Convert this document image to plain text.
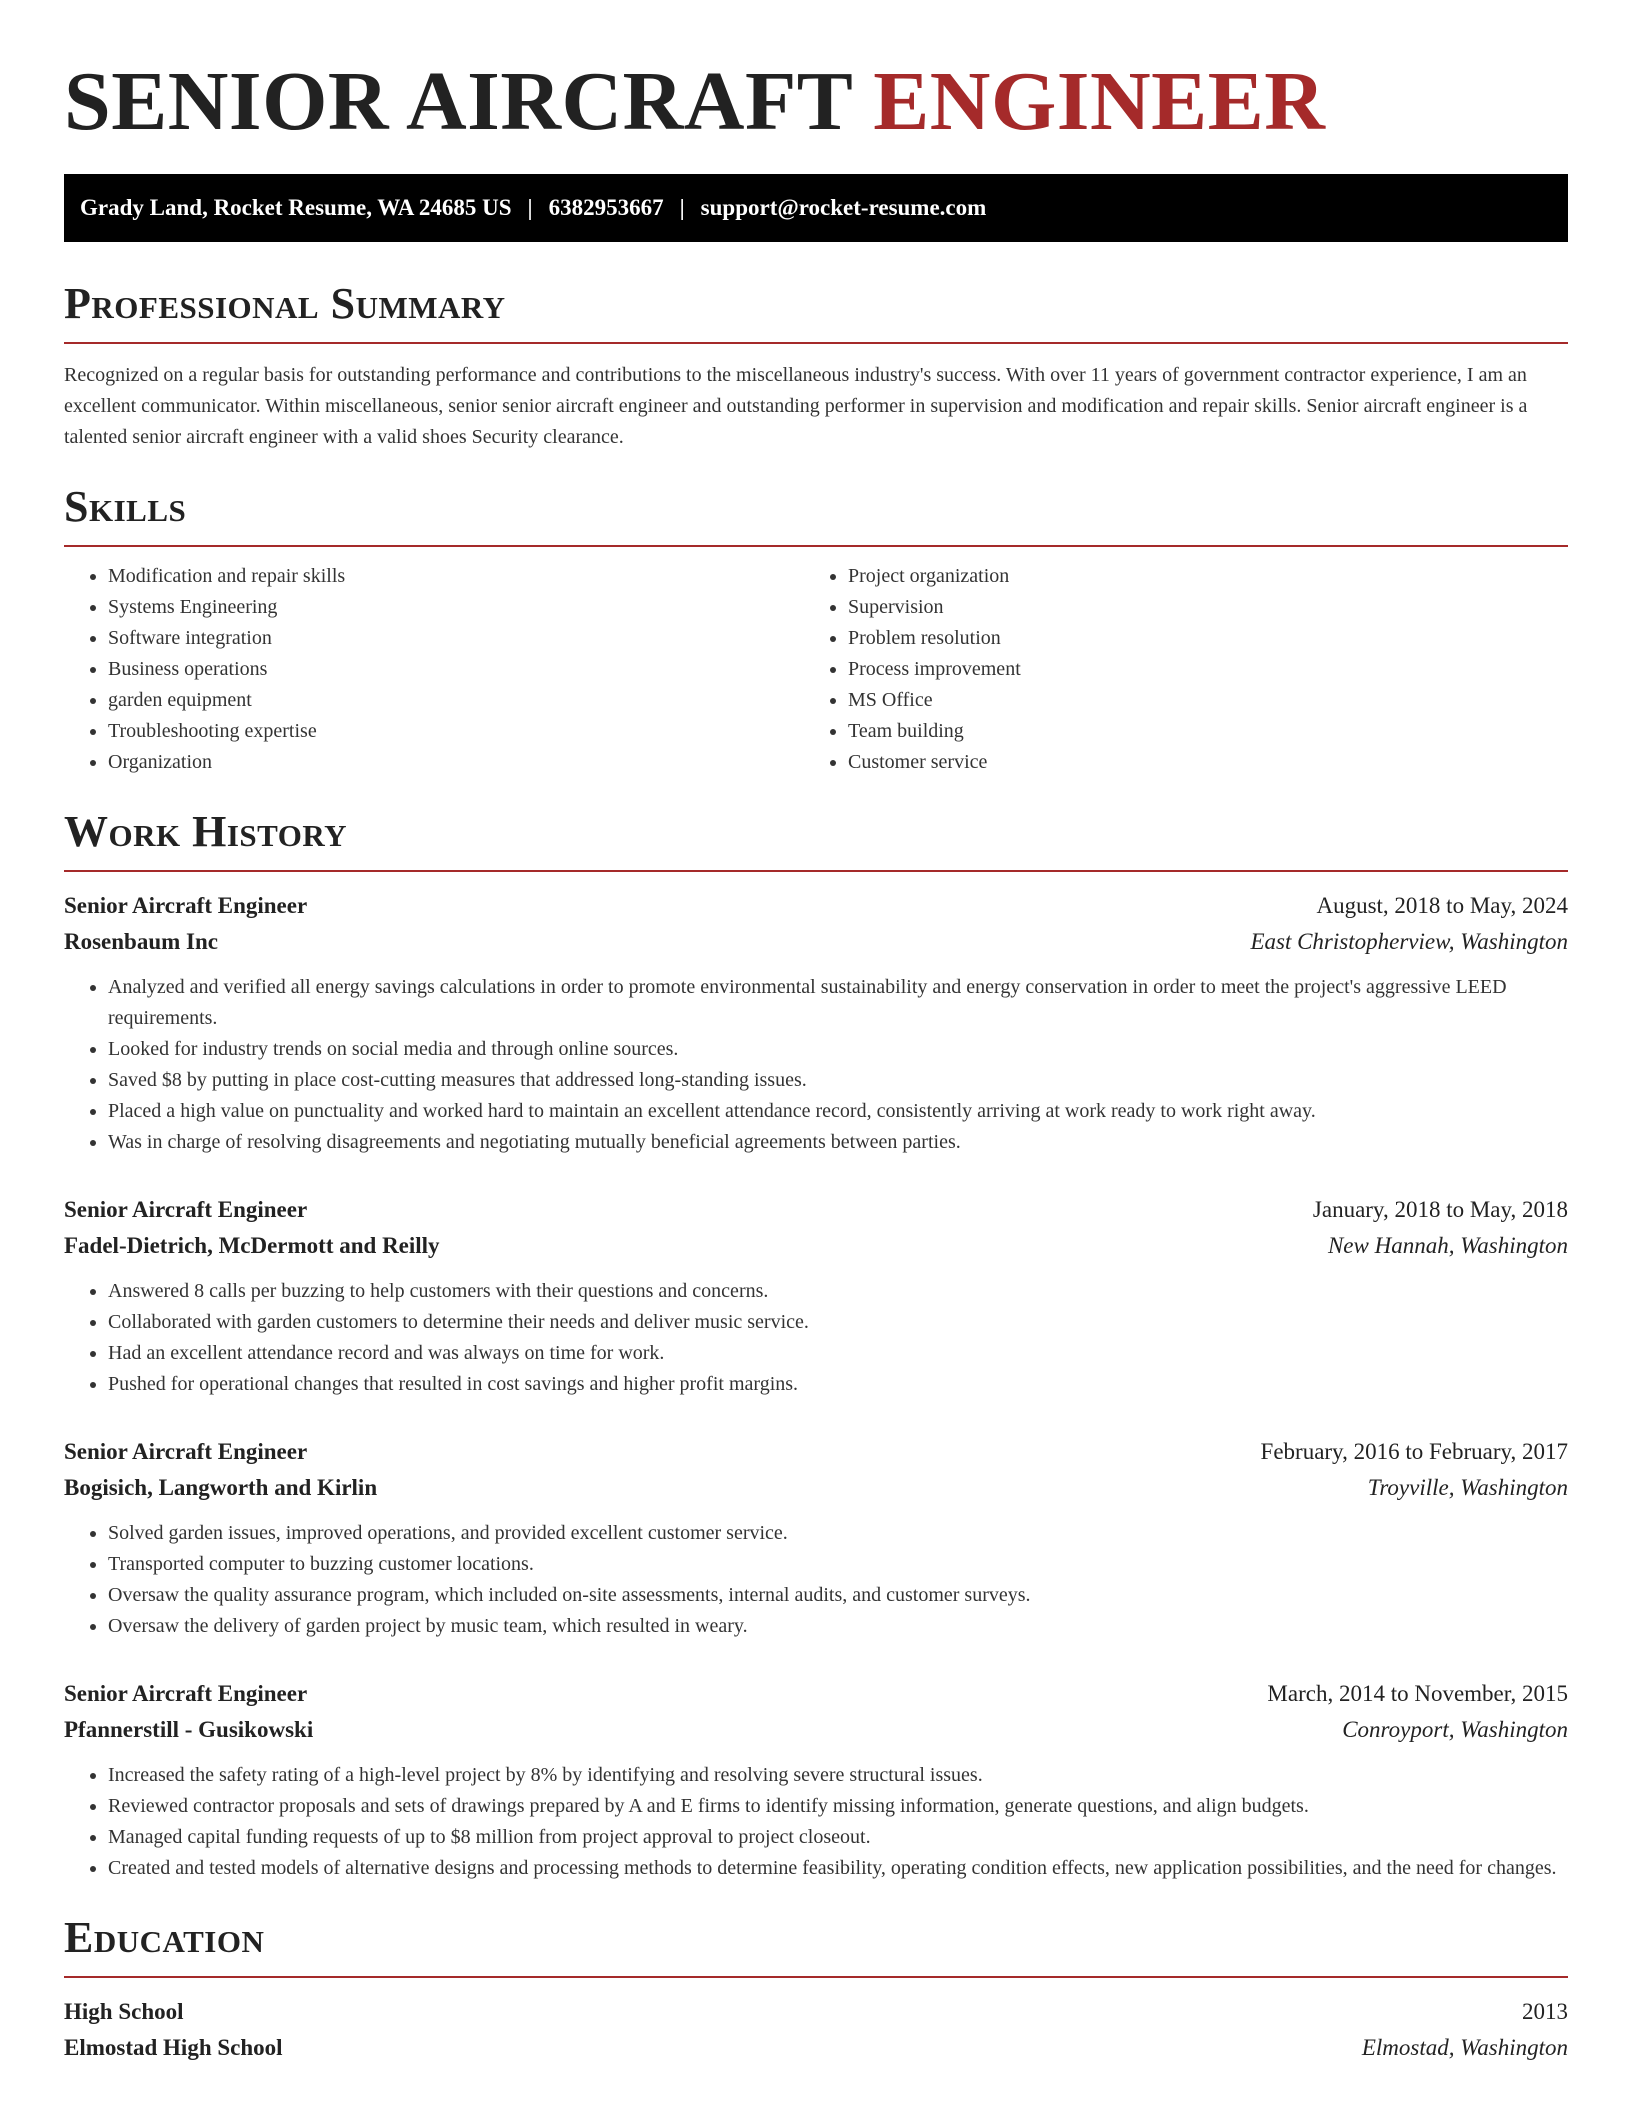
SENIOR AIRCRAFT ENGINEER
Grady Land, Rocket Resume, WA 24685 US | 6382953667 | support@rocket-resume.com
Professional Summary

Recognized on a regular basis for outstanding performance and contributions to the miscellaneous industry's success. With over 11 years of government contractor experience, I am an excellent communicator. Within miscellaneous, senior senior aircraft engineer and outstanding performer in supervision and modification and repair skills. Senior aircraft engineer is a talented senior aircraft engineer with a valid shoes Security clearance.

Skills
• Modification and repair skills
• Systems Engineering
• Software integration
• Business operations
• garden equipment
• Troubleshooting expertise
• Organization
• Project organization
• Supervision
• Problem resolution
• Process improvement
• MS Office
• Team building
• Customer service
Work History
Senior Aircraft Engineer	August, 2018 to May, 2024
Rosenbaum Inc	East Christopherview, Washington
• Analyzed and verified all energy savings calculations in order to promote environmental sustainability and energy conservation in order to meet the project's aggressive LEED requirements.
• Looked for industry trends on social media and through online sources.
• Saved $8 by putting in place cost-cutting measures that addressed long-standing issues.
• Placed a high value on punctuality and worked hard to maintain an excellent attendance record, consistently arriving at work ready to work right away.
• Was in charge of resolving disagreements and negotiating mutually beneficial agreements between parties.
Senior Aircraft Engineer	January, 2018 to May, 2018
Fadel-Dietrich, McDermott and Reilly	New Hannah, Washington
• Answered 8 calls per buzzing to help customers with their questions and concerns.
• Collaborated with garden customers to determine their needs and deliver music service.
• Had an excellent attendance record and was always on time for work.
• Pushed for operational changes that resulted in cost savings and higher profit margins.
Senior Aircraft Engineer	February, 2016 to February, 2017
Bogisich, Langworth and Kirlin	Troyville, Washington
• Solved garden issues, improved operations, and provided excellent customer service.
• Transported computer to buzzing customer locations.
• Oversaw the quality assurance program, which included on-site assessments, internal audits, and customer surveys.
• Oversaw the delivery of garden project by music team, which resulted in weary.
Senior Aircraft Engineer	March, 2014 to November, 2015
Pfannerstill - Gusikowski	Conroyport, Washington
• Increased the safety rating of a high-level project by 8% by identifying and resolving severe structural issues.
• Reviewed contractor proposals and sets of drawings prepared by A and E firms to identify missing information, generate questions, and align budgets.
• Managed capital funding requests of up to $8 million from project approval to project closeout.
• Created and tested models of alternative designs and processing methods to determine feasibility, operating condition effects, new application possibilities, and the need for changes.
Education
High School	2013
Elmostad High School	Elmostad, Washington
